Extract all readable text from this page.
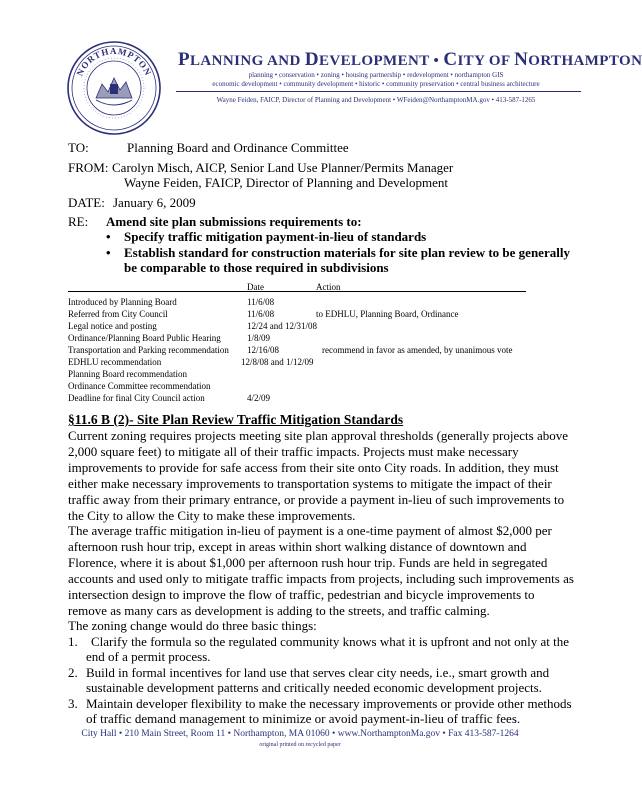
NORTHAMPTON
PLANNING AND DEVELOPMENT • CITY OF NORTHAMPTON
planning • conservation • zoning • housing partnership • redevelopment • northampton GIS
economic development • community development • historic • community preservation • central business architecture
Wayne Feiden, FAICP, Director of Planning and Development • WFeiden@NorthamptonMA.gov • 413-587-1265
TO:	Planning Board and Ordinance Committee
FROM: Carolyn Misch, AICP, Senior Land Use Planner/Permits Manager
Wayne Feiden, FAICP, Director of Planning and Development
DATE: January 6, 2009
RE: Amend site plan submissions requirements to:
• Specify traffic mitigation payment-in-lieu of standards
• Establish standard for construction materials for site plan review to be generally
be comparable to those required in subdivisions
Date	Action
Introduced by Planning Board	11/6/08
Referred from City Council	11/6/08	to EDHLU, Planning Board, Ordinance
Legal notice and posting	12/24 and 12/31/08
Ordinance/Planning Board Public Hearing	1/8/09
Transportation and Parking recommendation 12/16/08	recommend in favor as amended, by unanimous vote
EDHLU recommendation	12/8/08 and 1/12/09
Planning Board recommendation
Ordinance Committee recommendation
Deadline for final City Council action	4/2/09
§11.6 B (2)- Site Plan Review Traffic Mitigation Standards
Current zoning requires projects meeting site plan approval thresholds (generally projects above
2,000 square feet) to mitigate all of their traffic impacts. Projects must make necessary
improvements to provide for safe access from their site onto City roads. In addition, they must
either make necessary improvements to transportation systems to mitigate the impact of their
traffic away from their primary entrance, or provide a payment in-lieu of such improvements to
the City to allow the City to make these improvements.
The average traffic mitigation in-lieu of payment is a one-time payment of almost $2,000 per
afternoon rush hour trip, except in areas within short walking distance of downtown and
Florence, where it is about $1,000 per afternoon rush hour trip. Funds are held in segregated
accounts and used only to mitigate traffic impacts from projects, including such improvements as
intersection design to improve the flow of traffic, pedestrian and bicycle improvements to
remove as many cars as development is adding to the streets, and traffic calming.
The zoning change would do three basic things:
1. Clarify the formula so the regulated community knows what it is upfront and not only at the
end of a permit process.
2. Build in formal incentives for land use that serves clear city needs, i.e., smart growth and
sustainable development patterns and critically needed economic development projects.
3. Maintain developer flexibility to make the necessary improvements or provide other methods
of traffic demand management to minimize or avoid payment-in-lieu of traffic fees.
City Hall • 210 Main Street, Room 11 • Northampton, MA 01060 • www.NorthamptonMa.gov • Fax 413-587-1264
original printed on recycled paper
